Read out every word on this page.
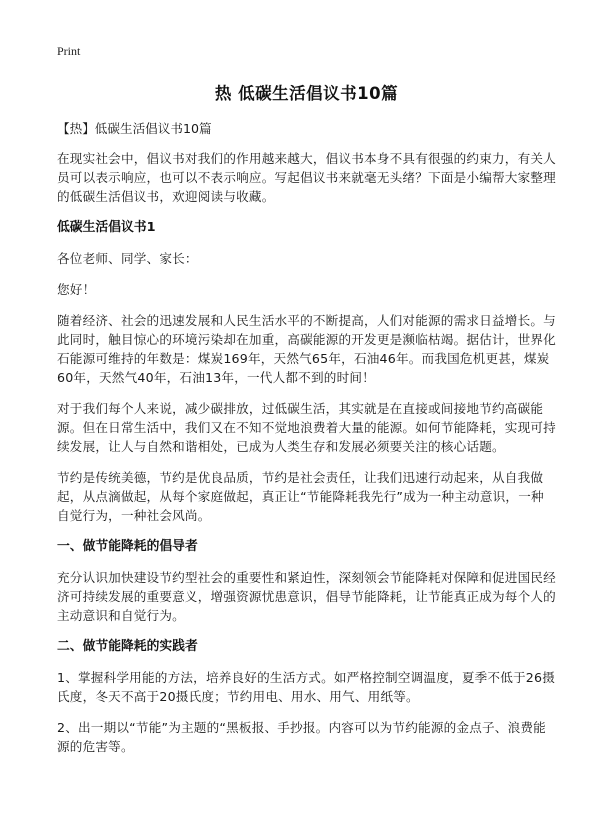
Print
热 低碳生活倡议书10篇
【热】低碳生活倡议书10篇

在现实社会中，倡议书对我们的作用越来越大，倡议书本身不具有很强的约束力，有关人员可以表示响应，也可以不表示响应。写起倡议书来就毫无头绪？下面是小编帮大家整理的低碳生活倡议书，欢迎阅读与收藏。

低碳生活倡议书1

各位老师、同学、家长：

您好！

随着经济、社会的迅速发展和人民生活水平的不断提高，人们对能源的需求日益增长。与此同时，触目惊心的环境污染却在加重，高碳能源的开发更是濒临枯竭。据估计，世界化石能源可维持的年数是：煤炭169年，天然气65年，石油46年。而我国危机更甚，煤炭60年，天然气40年，石油13年，一代人都不到的时间！

对于我们每个人来说，减少碳排放，过低碳生活，其实就是在直接或间接地节约高碳能源。但在日常生活中，我们又在不知不觉地浪费着大量的能源。如何节能降耗，实现可持续发展，让人与自然和谐相处，已成为人类生存和发展必须要关注的核心话题。

节约是传统美德，节约是优良品质，节约是社会责任，让我们迅速行动起来，从自我做起，从点滴做起，从每个家庭做起，真正让“节能降耗我先行”成为一种主动意识，一种自觉行为，一种社会风尚。

一、做节能降耗的倡导者

充分认识加快建设节约型社会的重要性和紧迫性，深刻领会节能降耗对保障和促进国民经济可持续发展的重要意义，增强资源忧患意识，倡导节能降耗，让节能真正成为每个人的主动意识和自觉行为。

二、做节能降耗的实践者

1、掌握科学用能的方法，培养良好的生活方式。如严格控制空调温度，夏季不低于26摄氏度，冬天不高于20摄氏度；节约用电、用水、用气、用纸等。

2、出一期以“节能”为主题的“黑板报、手抄报。内容可以为节约能源的金点子、浪费能源的危害等。
